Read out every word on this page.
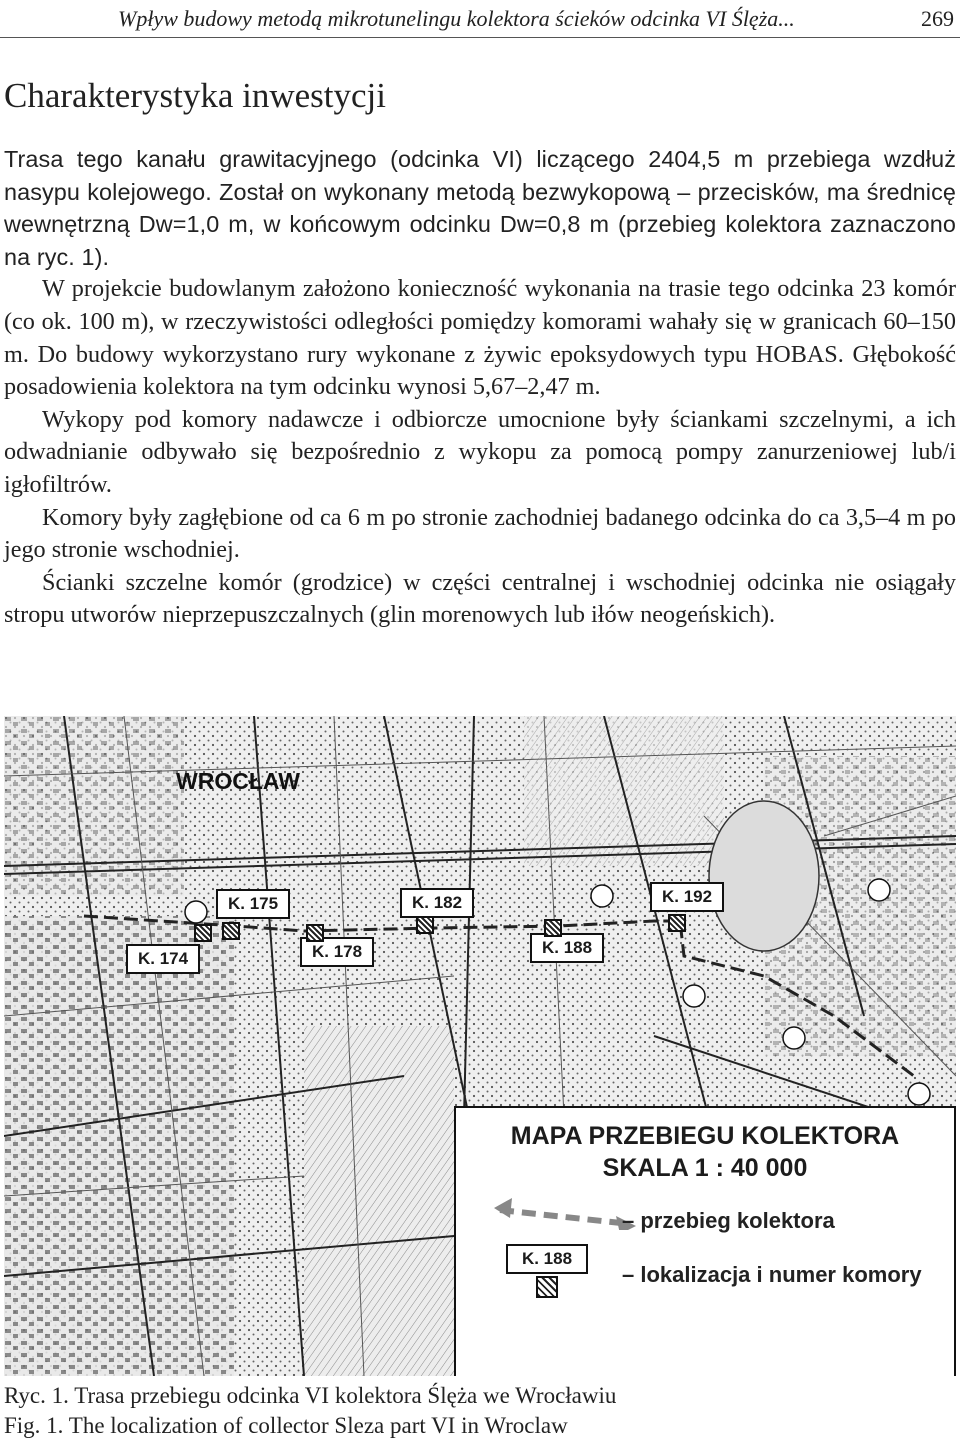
Wpływ budowy metodą mikrotunelingu kolektora ścieków odcinka VI Ślęża...	269
Charakterystyka inwestycji

Trasa tego kanału grawitacyjnego (odcinka VI) liczącego 2404,5 m przebiega wzdłuż nasypu kolejowego. Został on wykonany metodą bezwykopową – przecisków, ma średnicę wewnętrzną Dw=1,0 m, w końcowym odcinku Dw=0,8 m (przebieg kolektora zaznaczono na ryc. 1).

W projekcie budowlanym założono konieczność wykonania na trasie tego odcinka 23 komór (co ok. 100 m), w rzeczywistości odległości pomiędzy komorami wahały się w granicach 60–150 m. Do budowy wykorzystano rury wykonane z żywic epoksydowych typu HOBAS. Głębokość posadowienia kolektora na tym odcinku wynosi 5,67–2,47 m.

Wykopy pod komory nadawcze i odbiorcze umocnione były ściankami szczelnymi, a ich odwadnianie odbywało się bezpośrednio z wykopu za pomocą pompy zanurzeniowej lub/i igłofiltrów.

Komory były zagłębione od ca 6 m po stronie zachodniej badanego odcinka do ca 3,5–4 m po jego stronie wschodniej.

Ścianki szczelne komór (grodzice) w części centralnej i wschodniej odcinka nie osiągały stropu utworów nieprzepuszczalnych (glin morenowych lub iłów neogeńskich).

WROCŁAW
K. 175	K. 182	K. 192
K. 174	K. 178	K. 188
MAPA PRZEBIEGU KOLEKTORA
SKALA 1 : 40 000
– przebieg kolektora
K. 188
– lokalizacja i numer komory
Ryc. 1. Trasa przebiegu odcinka VI kolektora Ślęża we Wrocławiu
Fig. 1. The localization of collector Sleza part VI in Wroclaw
